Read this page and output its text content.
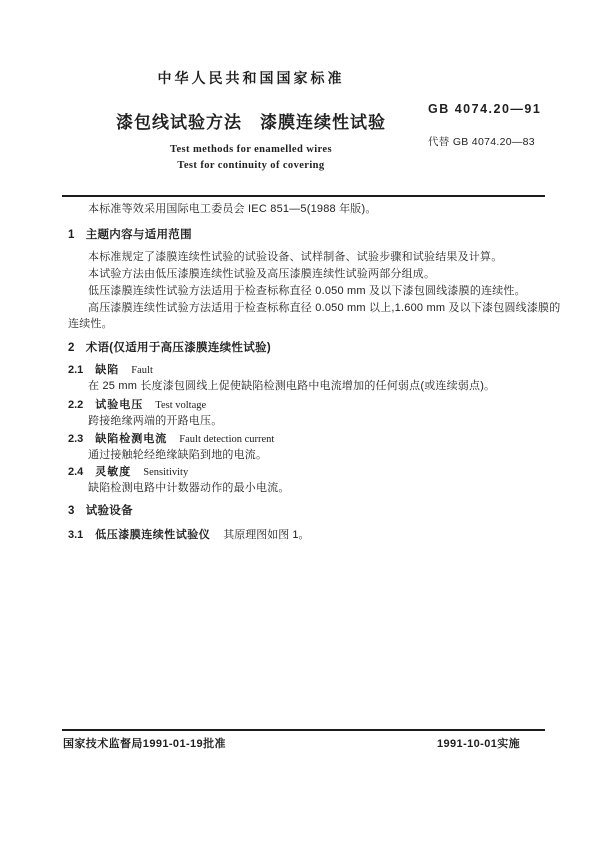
中华人民共和国国家标准
GB 4074.20—91
漆包线试验方法　漆膜连续性试验
代替 GB 4074.20—83
Test methods for enamelled wires
Test for continuity of covering
本标准等效采用国际电工委员会 IEC 851—5(1988 年版)。
1 主题内容与适用范围
本标准规定了漆膜连续性试验的试验设备、试样制备、试验步骤和试验结果及计算。
本试验方法由低压漆膜连续性试验及高压漆膜连续性试验两部分组成。
低压漆膜连续性试验方法适用于检查标称直径 0.050 mm 及以下漆包圆线漆膜的连续性。
高压漆膜连续性试验方法适用于检查标称直径 0.050 mm 以上,1.600 mm 及以下漆包圆线漆膜的
连续性。
2 术语(仅适用于高压漆膜连续性试验)
2.1 缺陷 Fault
在 25 mm 长度漆包圆线上促使缺陷检测电路中电流增加的任何弱点(或连续弱点)。
2.2 试验电压 Test voltage
跨接绝缘两端的开路电压。
2.3 缺陷检测电流 Fault detection current
通过接触轮经绝缘缺陷到地的电流。
2.4 灵敏度 Sensitivity
缺陷检测电路中计数器动作的最小电流。
3 试验设备
3.1 低压漆膜连续性试验仪 其原理图如图 1。
国家技术监督局1991-01-19批准	1991-10-01实施
